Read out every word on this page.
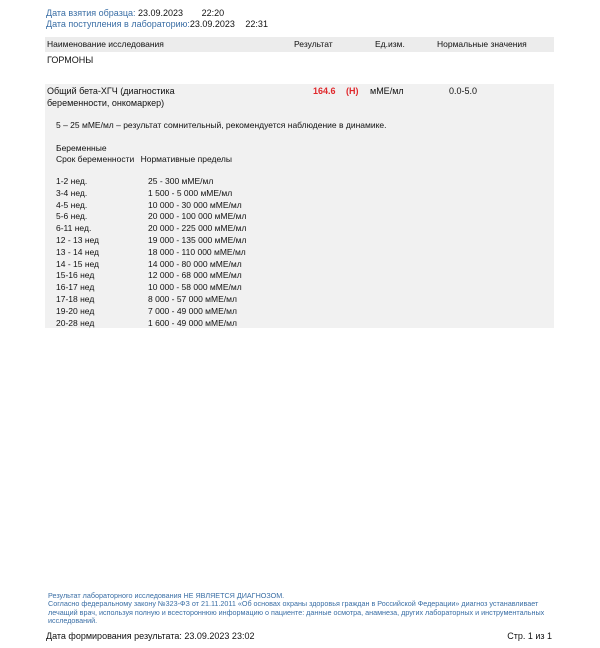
Дата взятия образца: 23.09.2023 22:20
Дата поступления в лабораторию:23.09.2023 22:31
Наименование исследования	Результат	Ед.изм.	Нормальные значения
ГОРМОНЫ
Общий бета-ХГЧ (диагностика беременности, онкомаркер)
164.6 (H) мМЕ/мл	0.0-5.0
5 – 25 мМЕ/мл – результат сомнительный, рекомендуется наблюдение в динамике.
Беременные
Срок беременности Нормативные пределы
1-2 нед.	25 - 300 мМЕ/мл
3-4 нед.	1 500 - 5 000 мМЕ/мл
4-5 нед.	10 000 - 30 000 мМЕ/мл
5-6 нед.	20 000 - 100 000 мМЕ/мл
6-11 нед.	20 000 - 225 000 мМЕ/мл
12 - 13 нед	19 000 - 135 000 мМЕ/мл
13 - 14 нед	18 000 - 110 000 мМЕ/мл
14 - 15 нед	14 000 - 80 000 мМЕ/мл
15-16 нед	12 000 - 68 000 мМЕ/мл
16-17 нед	10 000 - 58 000 мМЕ/мл
17-18 нед	8 000 - 57 000 мМЕ/мл
19-20 нед	7 000 - 49 000 мМЕ/мл
20-28 нед	1 600 - 49 000 мМЕ/мл
Результат лабораторного исследования НЕ ЯВЛЯЕТСЯ ДИАГНОЗОМ.
Согласно федеральному закону №323-ФЗ от 21.11.2011 «Об основах охраны здоровья граждан в Российской Федерации» диагноз устанавливает лечащий врач, используя полную и всестороннюю информацию о пациенте: данные осмотра, анамнеза, других лабораторных и инструментальных исследований.
Дата формирования результата: 23.09.2023 23:02	Стр. 1 из 1
